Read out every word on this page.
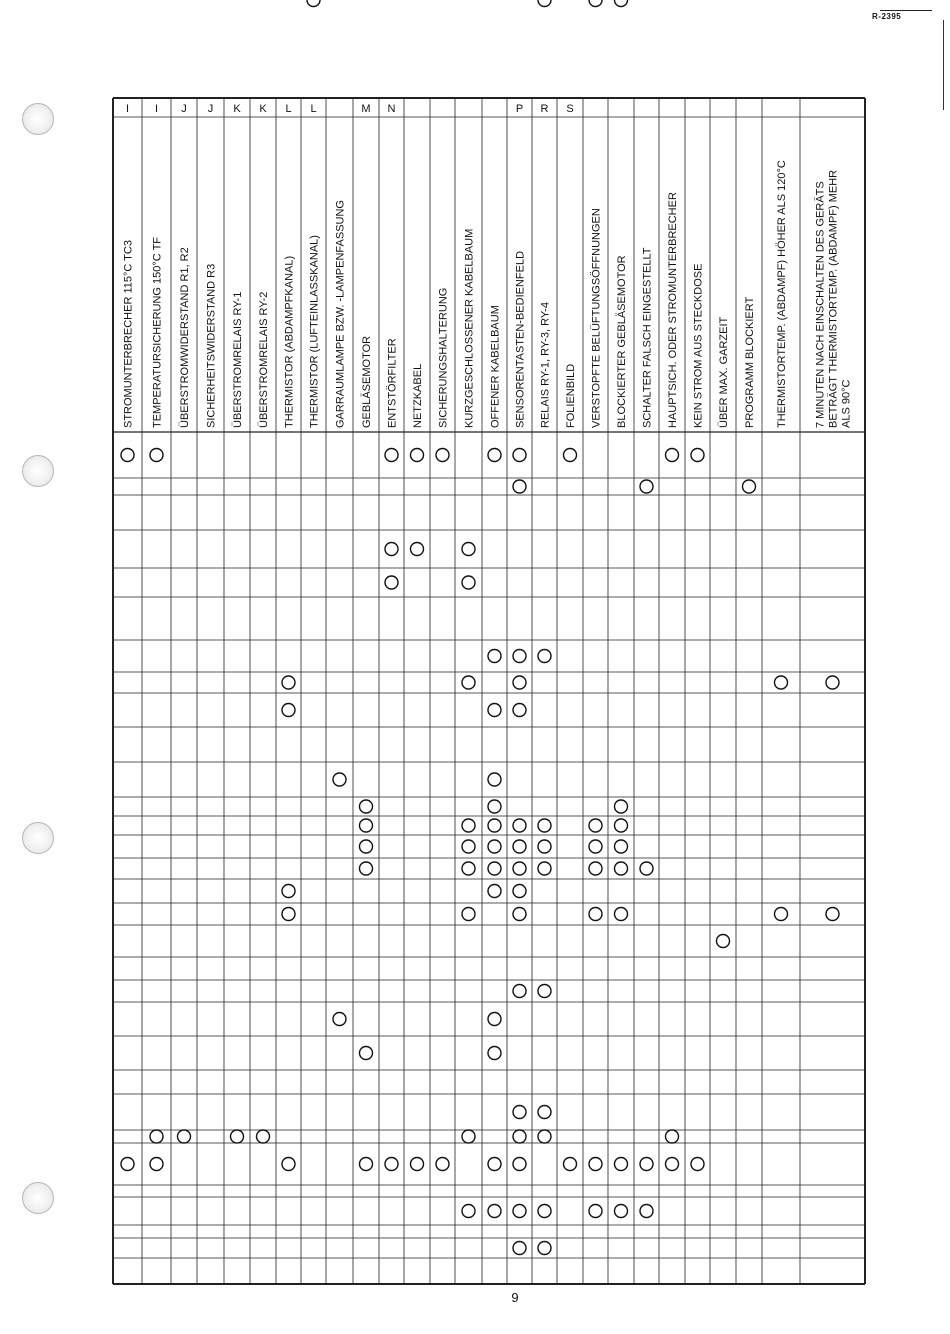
R-2395
I
STROMUNTERBRECHER 115°C TC3
I
TEMPERATURSICHERUNG 150°C TF
J
ÜBERSTROMWIDERSTAND R1, R2
J
SICHERHEITSWIDERSTAND R3
K
ÜBERSTROMRELAIS RY-1
K
ÜBERSTROMRELAIS RY-2
L
THERMISTOR (ABDAMPFKANAL)
L
THERMISTOR (LUFTEINLASSKANAL) GARRAUMLAMPE BZW. -LAMPENFASSUNG
M
GEBLÄSEMOTOR
N
ENTSTÖRFILTER NETZKABEL SICHERUNGSHALTERUNG KURZGESCHLOSSENER KABELBAUM OFFENER KABELBAUM
P
SENSORENTASTEN-BEDIENFELD
R
RELAIS RY-1, RY-3, RY-4
S
FOLIENBILD VERSTOPFTE BELÜFTUNGSÖFFNUNGEN BLOCKIERTER GEBLÄSEMOTOR SCHALTER FALSCH EINGESTELLT HAUPTSICH. ODER STROMUNTERBRECHER KEIN STROM AUS STECKDOSE ÜBER MAX. GARZEIT PROGRAMM BLOCKIERT THERMISTORTEMP. (ABDAMPF) HÖHER ALS 120°C 7 MINUTEN NACH EINSCHALTEN DES GERÄTS BETRÄGT THERMISTORTEMP. (ABDAMPF) MEHR ALS 90°C
9
